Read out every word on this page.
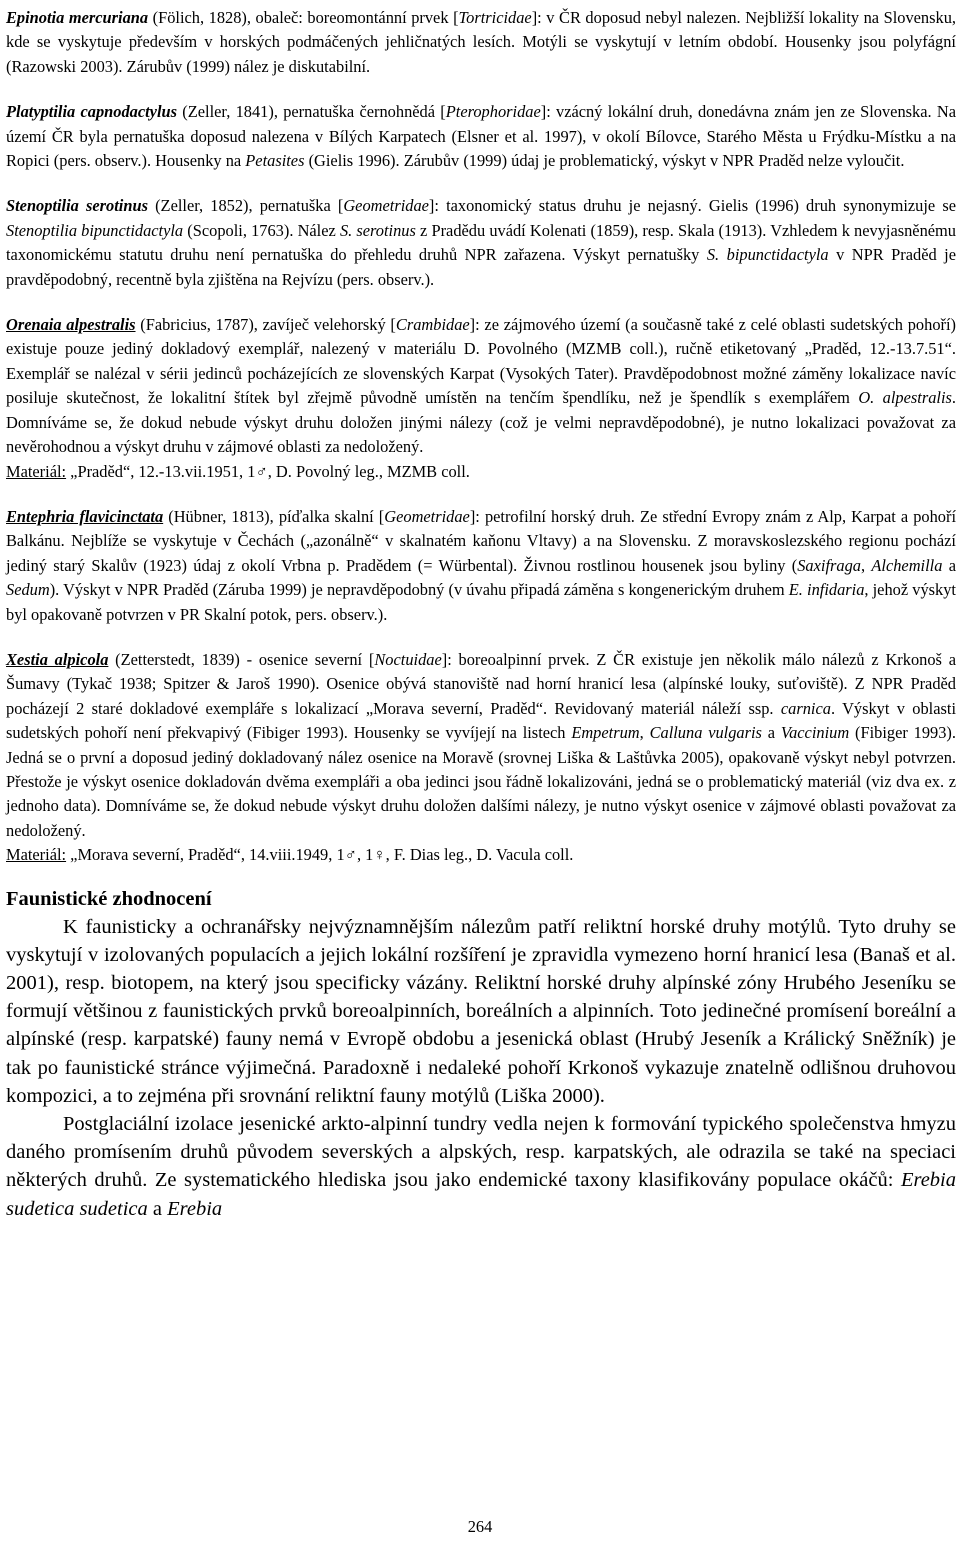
Epinotia mercuriana (Fölich, 1828), obaleč: boreomontánní prvek [Tortricidae]: v ČR doposud nebyl nalezen. Nejbližší lokality na Slovensku, kde se vyskytuje především v horských podmáčených jehličnatých lesích. Motýli se vyskytují v letním období. Housenky jsou polyfágní (Razowski 2003). Zárubův (1999) nález je diskutabilní.

Platyptilia capnodactylus (Zeller, 1841), pernatuška černohnědá [Pterophoridae]: vzácný lokální druh, donedávna znám jen ze Slovenska. Na území ČR byla pernatuška doposud nalezena v Bílých Karpatech (Elsner et al. 1997), v okolí Bílovce, Starého Města u Frýdku-Místku a na Ropici (pers. observ.). Housenky na Petasites (Gielis 1996). Zárubův (1999) údaj je problematický, výskyt v NPR Praděd nelze vyloučit.

Stenoptilia serotinus (Zeller, 1852), pernatuška [Geometridae]: taxonomický status druhu je nejasný. Gielis (1996) druh synonymizuje se Stenoptilia bipunctidactyla (Scopoli, 1763). Nález S. serotinus z Pradědu uvádí Kolenati (1859), resp. Skala (1913). Vzhledem k nevyjasněnému taxonomickému statutu druhu není pernatuška do přehledu druhů NPR zařazena. Výskyt pernatušky S. bipunctidactyla v NPR Praděd je pravděpodobný, recentně byla zjištěna na Rejvízu (pers. observ.).

Orenaia alpestralis (Fabricius, 1787), zavíječ velehorský [Crambidae]: ze zájmového území (a současně také z celé oblasti sudetských pohoří) existuje pouze jediný dokladový exemplář, nalezený v materiálu D. Povolného (MZMB coll.), ručně etiketovaný „Praděd, 12.-13.7.51“. Exemplář se nalézal v sérii jedinců pocházejících ze slovenských Karpat (Vysokých Tater). Pravděpodobnost možné záměny lokalizace navíc posiluje skutečnost, že lokalitní štítek byl zřejmě původně umístěn na tenčím špendlíku, než je špendlík s exemplářem O. alpestralis. Domníváme se, že dokud nebude výskyt druhu doložen jinými nálezy (což je velmi nepravděpodobné), je nutno lokalizaci považovat za nevěrohodnou a výskyt druhu v zájmové oblasti za nedoložený.
Materiál: „Praděd“, 12.-13.vii.1951, 1♂, D. Povolný leg., MZMB coll.

Entephria flavicinctata (Hübner, 1813), píďalka skalní [Geometridae]: petrofilní horský druh. Ze střední Evropy znám z Alp, Karpat a pohoří Balkánu. Nejblíže se vyskytuje v Čechách („azonálně“ v skalnatém kaňonu Vltavy) a na Slovensku. Z moravskoslezského regionu pochází jediný starý Skalův (1923) údaj z okolí Vrbna p. Pradědem (= Würbental). Živnou rostlinou housenek jsou byliny (Saxifraga, Alchemilla a Sedum). Výskyt v NPR Praděd (Záruba 1999) je nepravděpodobný (v úvahu připadá záměna s kongenerickým druhem E. infidaria, jehož výskyt byl opakovaně potvrzen v PR Skalní potok, pers. observ.).

Xestia alpicola (Zetterstedt, 1839) - osenice severní [Noctuidae]: boreoalpinní prvek. Z ČR existuje jen několik málo nálezů z Krkonoš a Šumavy (Tykač 1938; Spitzer & Jaroš 1990). Osenice obývá stanoviště nad horní hranicí lesa (alpínské louky, suťoviště). Z NPR Praděd pocházejí 2 staré dokladové exempláře s lokalizací „Morava severní, Praděd“. Revidovaný materiál náleží ssp. carnica. Výskyt v oblasti sudetských pohoří není překvapivý (Fibiger 1993). Housenky se vyvíjejí na listech Empetrum, Calluna vulgaris a Vaccinium (Fibiger 1993). Jedná se o první a doposud jediný dokladovaný nález osenice na Moravě (srovnej Liška & Laštůvka 2005), opakovaně výskyt nebyl potvrzen. Přestože je výskyt osenice dokladován dvěma exempláři a oba jedinci jsou řádně lokalizováni, jedná se o problematický materiál (viz dva ex. z jednoho data). Domníváme se, že dokud nebude výskyt druhu doložen dalšími nálezy, je nutno výskyt osenice v zájmové oblasti považovat za nedoložený.
Materiál: „Morava severní, Praděd“, 14.viii.1949, 1♂, 1♀, F. Dias leg., D. Vacula coll.

Faunistické zhodnocení

K faunisticky a ochranářsky nejvýznamnějším nálezům patří reliktní horské druhy motýlů. Tyto druhy se vyskytují v izolovaných populacích a jejich lokální rozšíření je zpravidla vymezeno horní hranicí lesa (Banaš et al. 2001), resp. biotopem, na který jsou specificky vázány. Reliktní horské druhy alpínské zóny Hrubého Jeseníku se formují většinou z faunistických prvků boreoalpinních, boreálních a alpinních. Toto jedinečné promísení boreální a alpínské (resp. karpatské) fauny nemá v Evropě obdobu a jesenická oblast (Hrubý Jeseník a Králický Sněžník) je tak po faunistické stránce výjimečná. Paradoxně i nedaleké pohoří Krkonoš vykazuje znatelně odlišnou druhovou kompozici, a to zejména při srovnání reliktní fauny motýlů (Liška 2000).

Postglaciální izolace jesenické arkto-alpinní tundry vedla nejen k formování typického společenstva hmyzu daného promísením druhů původem severských a alpských, resp. karpatských, ale odrazila se také na speciaci některých druhů. Ze systematického hlediska jsou jako endemické taxony klasifikovány populace okáčů: Erebia sudetica sudetica a Erebia

264
